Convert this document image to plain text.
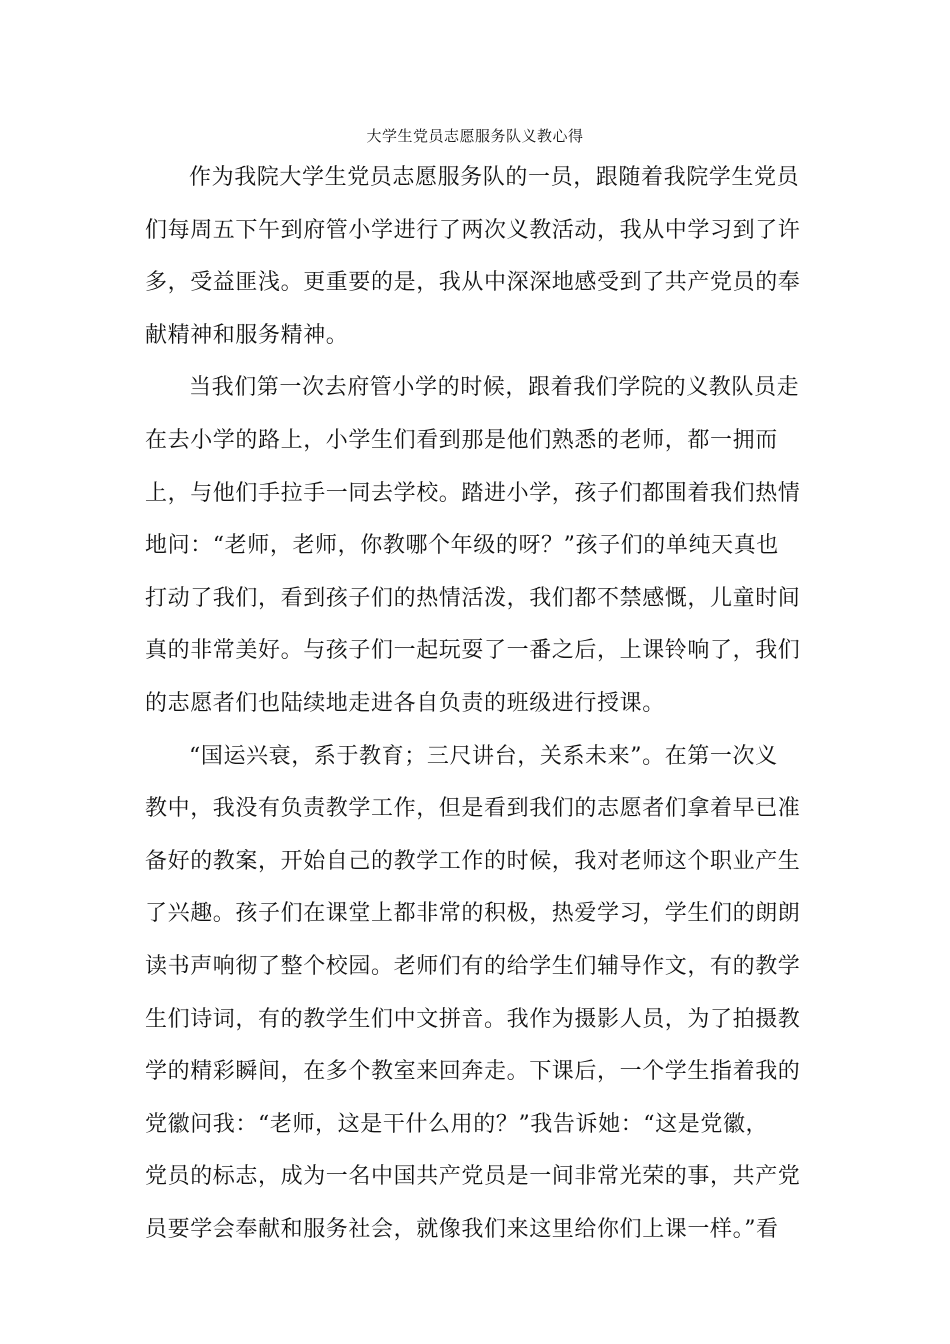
大学生党员志愿服务队义教心得
作为我院大学生党员志愿服务队的一员，跟随着我院学生党员
们每周五下午到府管小学进行了两次义教活动，我从中学习到了许
多，受益匪浅。更重要的是，我从中深深地感受到了共产党员的奉
献精神和服务精神。
当我们第一次去府管小学的时候，跟着我们学院的义教队员走
在去小学的路上，小学生们看到那是他们熟悉的老师，都一拥而
上，与他们手拉手一同去学校。踏进小学，孩子们都围着我们热情
地问：“老师，老师，你教哪个年级的呀？”孩子们的单纯天真也
打动了我们，看到孩子们的热情活泼，我们都不禁感慨，儿童时间
真的非常美好。与孩子们一起玩耍了一番之后，上课铃响了，我们
的志愿者们也陆续地走进各自负责的班级进行授课。
“国运兴衰，系于教育；三尺讲台，关系未来”。在第一次义
教中，我没有负责教学工作，但是看到我们的志愿者们拿着早已准
备好的教案，开始自己的教学工作的时候，我对老师这个职业产生
了兴趣。孩子们在课堂上都非常的积极，热爱学习，学生们的朗朗
读书声响彻了整个校园。老师们有的给学生们辅导作文，有的教学
生们诗词，有的教学生们中文拼音。我作为摄影人员，为了拍摄教
学的精彩瞬间，在多个教室来回奔走。下课后，一个学生指着我的
党徽问我：“老师，这是干什么用的？”我告诉她：“这是党徽，
党员的标志，成为一名中国共产党员是一间非常光荣的事，共产党
员要学会奉献和服务社会，就像我们来这里给你们上课一样。”看
